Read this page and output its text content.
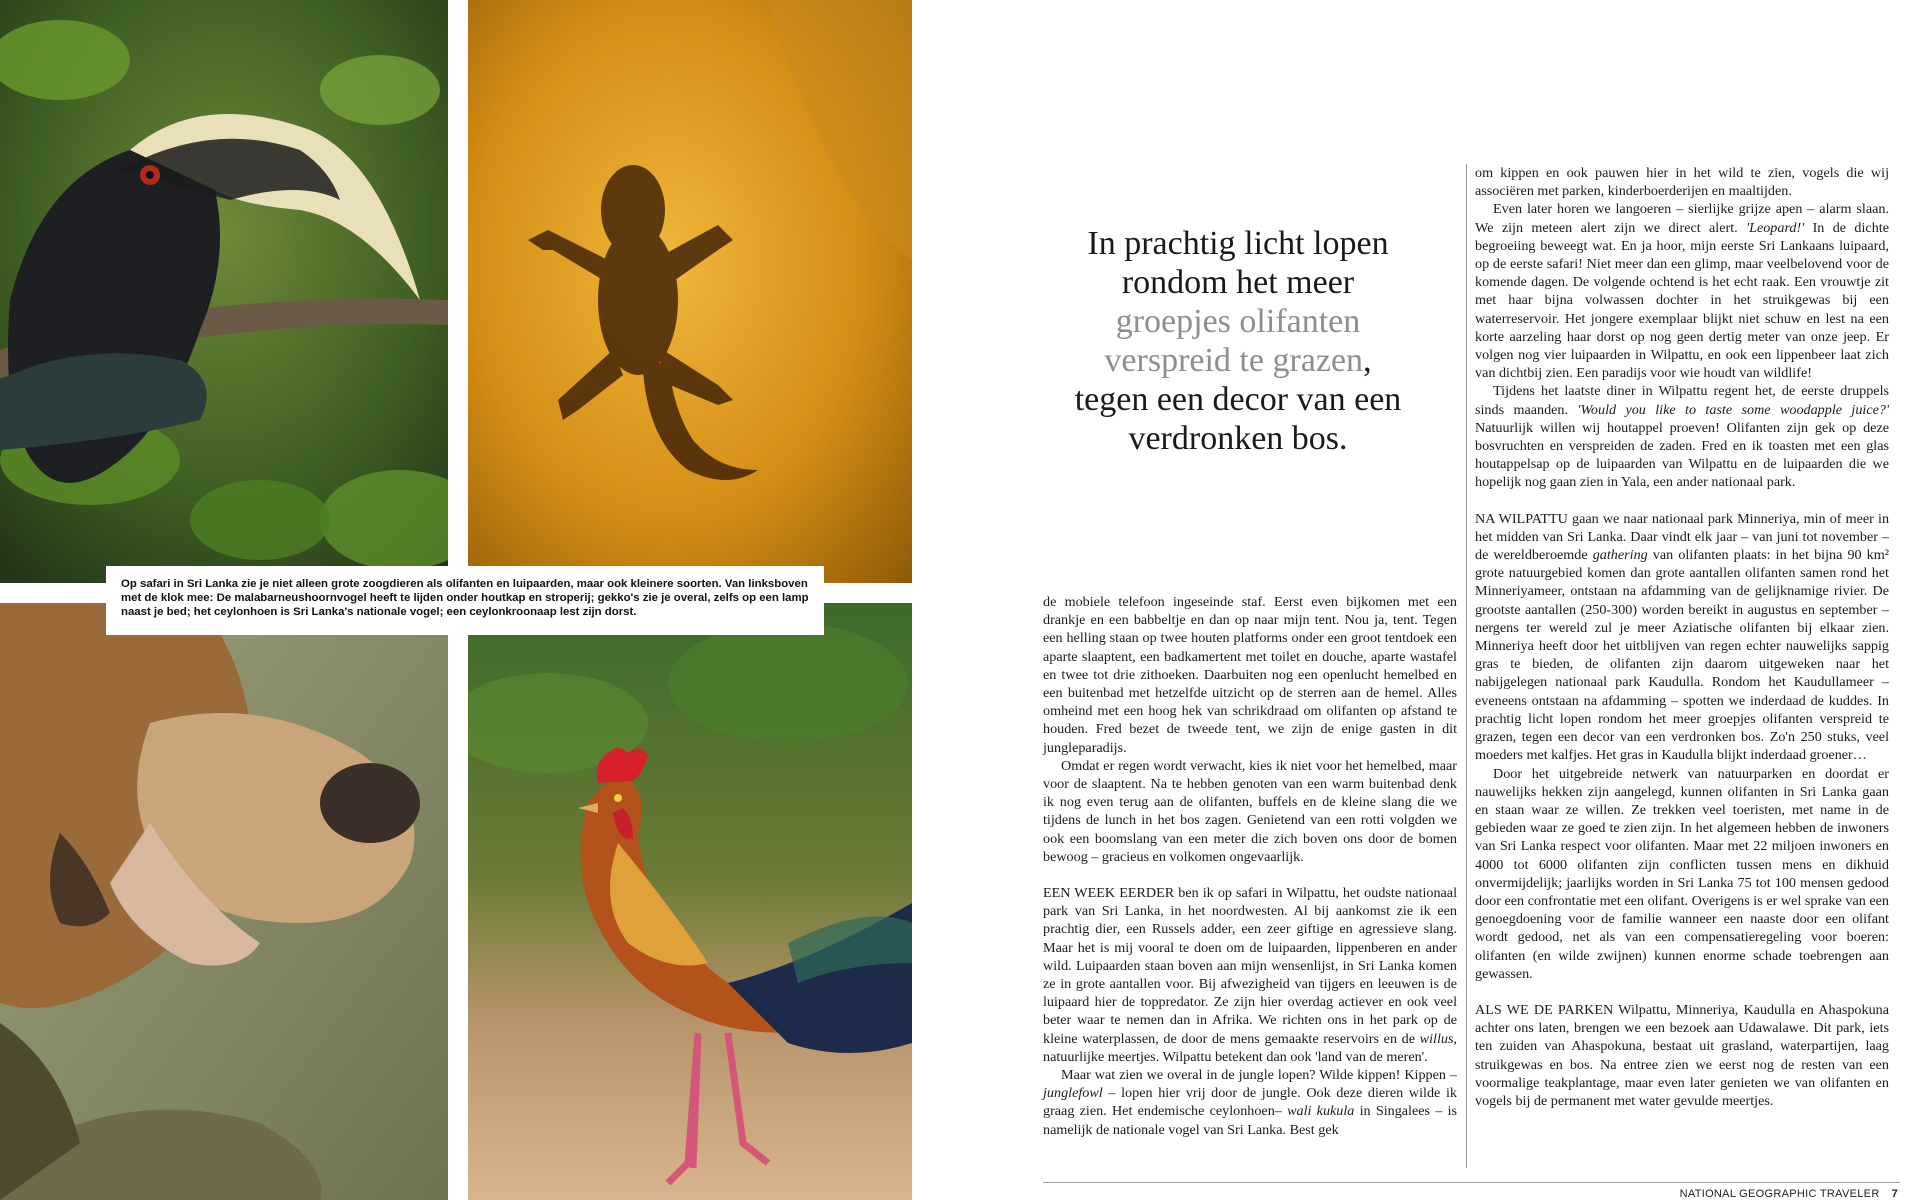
Op safari in Sri Lanka zie je niet alleen grote zoogdieren als olifanten en luipaarden, maar ook kleinere soorten. Van linksboven met de klok mee: De malabarneushoornvogel heeft te lijden onder houtkap en stroperij; gekko's zie je overal, zelfs op een lamp naast je bed; het ceylonhoen is Sri Lanka's nationale vogel; een ceylonkroonaap lest zijn dorst.
In prachtig licht lopen rondom het meer groepjes olifanten verspreid te grazen, tegen een decor van een verdronken bos.

de mobiele telefoon ingeseinde staf. Eerst even bijkomen met een drankje en een babbeltje en dan op naar mijn tent. Nou ja, tent. Tegen een helling staan op twee houten platforms onder een groot tentdoek een aparte slaaptent, een badkamertent met toilet en douche, aparte wastafel en twee tot drie zithoeken. Daarbuiten nog een openlucht hemelbed en een buitenbad met hetzelfde uitzicht op de sterren aan de hemel. Alles omheind met een hoog hek van schrikdraad om olifanten op afstand te houden. Fred bezet de tweede tent, we zijn de enige gasten in dit jungleparadijs.

Omdat er regen wordt verwacht, kies ik niet voor het hemelbed, maar voor de slaaptent. Na te hebben genoten van een warm buitenbad denk ik nog even terug aan de olifanten, buffels en de kleine slang die we tijdens de lunch in het bos zagen. Genietend van een rotti volgden we ook een boomslang van een meter die zich boven ons door de bomen bewoog – gracieus en volkomen ongevaarlijk.

EEN WEEK EERDER ben ik op safari in Wilpattu, het oudste nationaal park van Sri Lanka, in het noordwesten. Al bij aankomst zie ik een prachtig dier, een Russels adder, een zeer giftige en agressieve slang. Maar het is mij vooral te doen om de luipaarden, lippenberen en ander wild. Luipaarden staan boven aan mijn wensenlijst, in Sri Lanka komen ze in grote aantallen voor. Bij afwezigheid van tijgers en leeuwen is de luipaard hier de toppredator. Ze zijn hier overdag actiever en ook veel beter waar te nemen dan in Afrika. We richten ons in het park op de kleine waterplassen, de door de mens gemaakte reservoirs en de willus, natuurlijke meertjes. Wilpattu betekent dan ook 'land van de meren'.

Maar wat zien we overal in de jungle lopen? Wilde kippen! Kippen – junglefowl – lopen hier vrij door de jungle. Ook deze dieren wilde ik graag zien. Het endemische ceylonhoen– wali kukula in Singalees – is namelijk de nationale vogel van Sri Lanka. Best gek

om kippen en ook pauwen hier in het wild te zien, vogels die wij associëren met parken, kinderboerderijen en maaltijden.

Even later horen we langoeren – sierlijke grijze apen – alarm slaan. We zijn meteen alert zijn we direct alert. 'Leopard!' In de dichte begroeiing beweegt wat. En ja hoor, mijn eerste Sri Lankaans luipaard, op de eerste safari! Niet meer dan een glimp, maar veelbelovend voor de komende dagen. De volgende ochtend is het echt raak. Een vrouwtje zit met haar bijna volwassen dochter in het struikgewas bij een waterreservoir. Het jongere exemplaar blijkt niet schuw en lest na een korte aarzeling haar dorst op nog geen dertig meter van onze jeep. Er volgen nog vier luipaarden in Wilpattu, en ook een lippenbeer laat zich van dichtbij zien. Een paradijs voor wie houdt van wildlife!

Tijdens het laatste diner in Wilpattu regent het, de eerste druppels sinds maanden. 'Would you like to taste some woodapple juice?' Natuurlijk willen wij houtappel proeven! Olifanten zijn gek op deze bosvruchten en verspreiden de zaden. Fred en ik toasten met een glas houtappelsap op de luipaarden van Wilpattu en de luipaarden die we hopelijk nog gaan zien in Yala, een ander nationaal park.

NA WILPATTU gaan we naar nationaal park Minneriya, min of meer in het midden van Sri Lanka. Daar vindt elk jaar – van juni tot november – de wereldberoemde gathering van olifanten plaats: in het bijna 90 km² grote natuurgebied komen dan grote aantallen olifanten samen rond het Minneriyameer, ontstaan na afdamming van de gelijknamige rivier. De grootste aantallen (250-300) worden bereikt in augustus en september – nergens ter wereld zul je meer Aziatische olifanten bij elkaar zien. Minneriya heeft door het uitblijven van regen echter nauwelijks sappig gras te bieden, de olifanten zijn daarom uitgeweken naar het nabijgelegen nationaal park Kaudulla. Rondom het Kaudullameer – eveneens ontstaan na afdamming – spotten we inderdaad de kuddes. In prachtig licht lopen rondom het meer groepjes olifanten verspreid te grazen, tegen een decor van een verdronken bos. Zo'n 250 stuks, veel moeders met kalfjes. Het gras in Kaudulla blijkt inderdaad groener…

Door het uitgebreide netwerk van natuurparken en doordat er nauwelijks hekken zijn aangelegd, kunnen olifanten in Sri Lanka gaan en staan waar ze willen. Ze trekken veel toeristen, met name in de gebieden waar ze goed te zien zijn. In het algemeen hebben de inwoners van Sri Lanka respect voor olifanten. Maar met 22 miljoen inwoners en 4000 tot 6000 olifanten zijn conflicten tussen mens en dikhuid onvermijdelijk; jaarlijks worden in Sri Lanka 75 tot 100 mensen gedood door een confrontatie met een olifant. Overigens is er wel sprake van een genoegdoening voor de familie wanneer een naaste door een olifant wordt gedood, net als van een compensatieregeling voor boeren: olifanten (en wilde zwijnen) kunnen enorme schade toebrengen aan gewassen.

ALS WE DE PARKEN Wilpattu, Minneriya, Kaudulla en Ahaspokuna achter ons laten, brengen we een bezoek aan Udawalawe. Dit park, iets ten zuiden van Ahaspokuna, bestaat uit grasland, waterpartijen, laag struikgewas en bos. Na entree zien we eerst nog de resten van een voormalige teakplantage, maar even later genieten we van olifanten en vogels bij de permanent met water gevulde meertjes.

NATIONAL GEOGRAPHIC TRAVELER 7
